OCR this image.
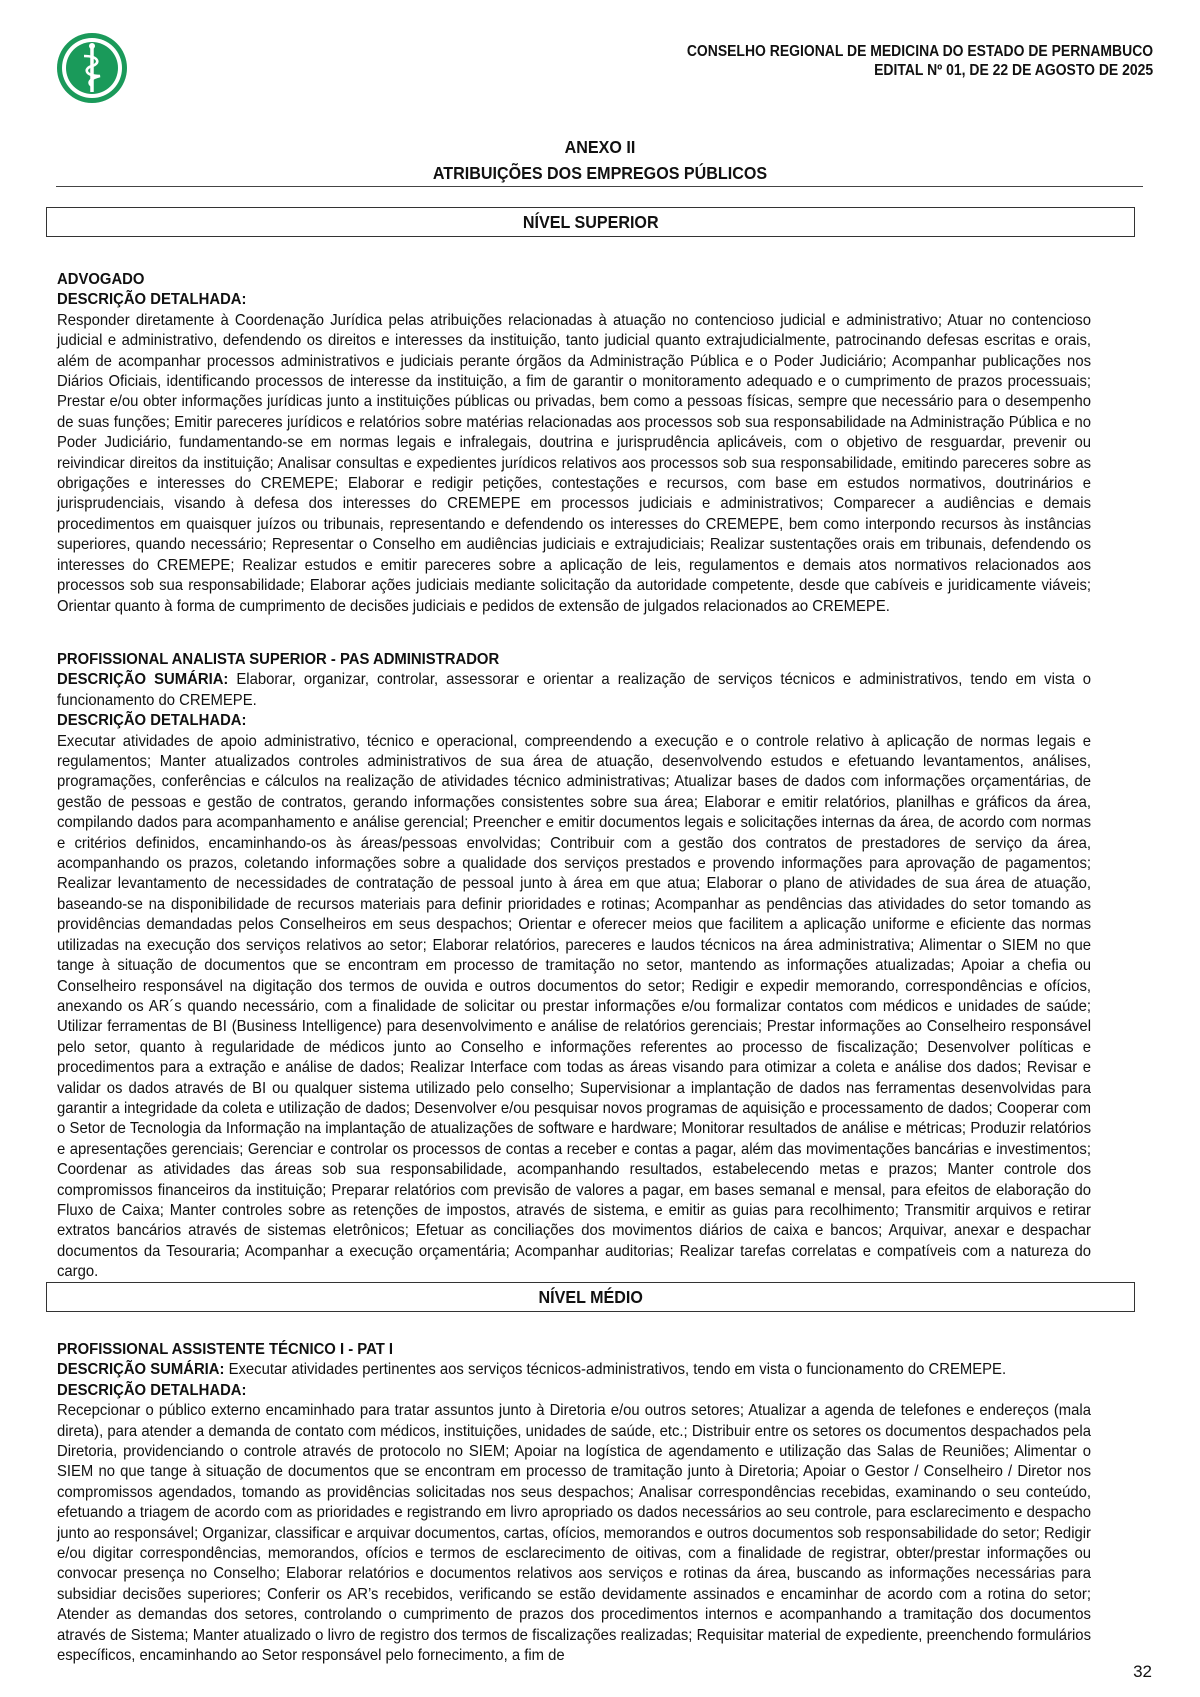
CONSELHO REGIONAL DE MEDICINA DO ESTADO DE PERNAMBUCO
EDITAL Nº 01, DE 22 DE AGOSTO DE 2025
ANEXO II
ATRIBUIÇÕES DOS EMPREGOS PÚBLICOS
NÍVEL SUPERIOR
ADVOGADO
DESCRIÇÃO DETALHADA:

Responder diretamente à Coordenação Jurídica pelas atribuições relacionadas à atuação no contencioso judicial e administrativo; Atuar no contencioso judicial e administrativo, defendendo os direitos e interesses da instituição, tanto judicial quanto extrajudicialmente, patrocinando defesas escritas e orais, além de acompanhar processos administrativos e judiciais perante órgãos da Administração Pública e o Poder Judiciário; Acompanhar publicações nos Diários Oficiais, identificando processos de interesse da instituição, a fim de garantir o monitoramento adequado e o cumprimento de prazos processuais; Prestar e/ou obter informações jurídicas junto a instituições públicas ou privadas, bem como a pessoas físicas, sempre que necessário para o desempenho de suas funções; Emitir pareceres jurídicos e relatórios sobre matérias relacionadas aos processos sob sua responsabilidade na Administração Pública e no Poder Judiciário, fundamentando-se em normas legais e infralegais, doutrina e jurisprudência aplicáveis, com o objetivo de resguardar, prevenir ou reivindicar direitos da instituição; Analisar consultas e expedientes jurídicos relativos aos processos sob sua responsabilidade, emitindo pareceres sobre as obrigações e interesses do CREMEPE; Elaborar e redigir petições, contestações e recursos, com base em estudos normativos, doutrinários e jurisprudenciais, visando à defesa dos interesses do CREMEPE em processos judiciais e administrativos; Comparecer a audiências e demais procedimentos em quaisquer juízos ou tribunais, representando e defendendo os interesses do CREMEPE, bem como interpondo recursos às instâncias superiores, quando necessário; Representar o Conselho em audiências judiciais e extrajudiciais; Realizar sustentações orais em tribunais, defendendo os interesses do CREMEPE; Realizar estudos e emitir pareceres sobre a aplicação de leis, regulamentos e demais atos normativos relacionados aos processos sob sua responsabilidade; Elaborar ações judiciais mediante solicitação da autoridade competente, desde que cabíveis e juridicamente viáveis; Orientar quanto à forma de cumprimento de decisões judiciais e pedidos de extensão de julgados relacionados ao CREMEPE.

PROFISSIONAL ANALISTA SUPERIOR - PAS ADMINISTRADOR

DESCRIÇÃO SUMÁRIA: Elaborar, organizar, controlar, assessorar e orientar a realização de serviços técnicos e administrativos, tendo em vista o funcionamento do CREMEPE.

DESCRIÇÃO DETALHADA:

Executar atividades de apoio administrativo, técnico e operacional, compreendendo a execução e o controle relativo à aplicação de normas legais e regulamentos; Manter atualizados controles administrativos de sua área de atuação, desenvolvendo estudos e efetuando levantamentos, análises, programações, conferências e cálculos na realização de atividades técnico administrativas; Atualizar bases de dados com informações orçamentárias, de gestão de pessoas e gestão de contratos, gerando informações consistentes sobre sua área; Elaborar e emitir relatórios, planilhas e gráficos da área, compilando dados para acompanhamento e análise gerencial; Preencher e emitir documentos legais e solicitações internas da área, de acordo com normas e critérios definidos, encaminhando-os às áreas/pessoas envolvidas; Contribuir com a gestão dos contratos de prestadores de serviço da área, acompanhando os prazos, coletando informações sobre a qualidade dos serviços prestados e provendo informações para aprovação de pagamentos; Realizar levantamento de necessidades de contratação de pessoal junto à área em que atua; Elaborar o plano de atividades de sua área de atuação, baseando-se na disponibilidade de recursos materiais para definir prioridades e rotinas; Acompanhar as pendências das atividades do setor tomando as providências demandadas pelos Conselheiros em seus despachos; Orientar e oferecer meios que facilitem a aplicação uniforme e eficiente das normas utilizadas na execução dos serviços relativos ao setor; Elaborar relatórios, pareceres e laudos técnicos na área administrativa; Alimentar o SIEM no que tange à situação de documentos que se encontram em processo de tramitação no setor, mantendo as informações atualizadas; Apoiar a chefia ou Conselheiro responsável na digitação dos termos de ouvida e outros documentos do setor; Redigir e expedir memorando, correspondências e ofícios, anexando os AR´s quando necessário, com a finalidade de solicitar ou prestar informações e/ou formalizar contatos com médicos e unidades de saúde; Utilizar ferramentas de BI (Business Intelligence) para desenvolvimento e análise de relatórios gerenciais; Prestar informações ao Conselheiro responsável pelo setor, quanto à regularidade de médicos junto ao Conselho e informações referentes ao processo de fiscalização; Desenvolver políticas e procedimentos para a extração e análise de dados; Realizar Interface com todas as áreas visando para otimizar a coleta e análise dos dados; Revisar e validar os dados através de BI ou qualquer sistema utilizado pelo conselho; Supervisionar a implantação de dados nas ferramentas desenvolvidas para garantir a integridade da coleta e utilização de dados; Desenvolver e/ou pesquisar novos programas de aquisição e processamento de dados; Cooperar com o Setor de Tecnologia da Informação na implantação de atualizações de software e hardware; Monitorar resultados de análise e métricas; Produzir relatórios e apresentações gerenciais; Gerenciar e controlar os processos de contas a receber e contas a pagar, além das movimentações bancárias e investimentos; Coordenar as atividades das áreas sob sua responsabilidade, acompanhando resultados, estabelecendo metas e prazos; Manter controle dos compromissos financeiros da instituição; Preparar relatórios com previsão de valores a pagar, em bases semanal e mensal, para efeitos de elaboração do Fluxo de Caixa; Manter controles sobre as retenções de impostos, através de sistema, e emitir as guias para recolhimento; Transmitir arquivos e retirar extratos bancários através de sistemas eletrônicos; Efetuar as conciliações dos movimentos diários de caixa e bancos; Arquivar, anexar e despachar documentos da Tesouraria; Acompanhar a execução orçamentária; Acompanhar auditorias; Realizar tarefas correlatas e compatíveis com a natureza do cargo.

NÍVEL MÉDIO
PROFISSIONAL ASSISTENTE TÉCNICO I - PAT I

DESCRIÇÃO SUMÁRIA: Executar atividades pertinentes aos serviços técnicos-administrativos, tendo em vista o funcionamento do CREMEPE.

DESCRIÇÃO DETALHADA:

Recepcionar o público externo encaminhado para tratar assuntos junto à Diretoria e/ou outros setores; Atualizar a agenda de telefones e endereços (mala direta), para atender a demanda de contato com médicos, instituições, unidades de saúde, etc.; Distribuir entre os setores os documentos despachados pela Diretoria, providenciando o controle através de protocolo no SIEM; Apoiar na logística de agendamento e utilização das Salas de Reuniões; Alimentar o SIEM no que tange à situação de documentos que se encontram em processo de tramitação junto à Diretoria; Apoiar o Gestor / Conselheiro / Diretor nos compromissos agendados, tomando as providências solicitadas nos seus despachos; Analisar correspondências recebidas, examinando o seu conteúdo, efetuando a triagem de acordo com as prioridades e registrando em livro apropriado os dados necessários ao seu controle, para esclarecimento e despacho junto ao responsável; Organizar, classificar e arquivar documentos, cartas, ofícios, memorandos e outros documentos sob responsabilidade do setor; Redigir e/ou digitar correspondências, memorandos, ofícios e termos de esclarecimento de oitivas, com a finalidade de registrar, obter/prestar informações ou convocar presença no Conselho; Elaborar relatórios e documentos relativos aos serviços e rotinas da área, buscando as informações necessárias para subsidiar decisões superiores; Conferir os AR’s recebidos, verificando se estão devidamente assinados e encaminhar de acordo com a rotina do setor; Atender as demandas dos setores, controlando o cumprimento de prazos dos procedimentos internos e acompanhando a tramitação dos documentos através de Sistema; Manter atualizado o livro de registro dos termos de fiscalizações realizadas; Requisitar material de expediente, preenchendo formulários específicos, encaminhando ao Setor responsável pelo fornecimento, a fim de

32
